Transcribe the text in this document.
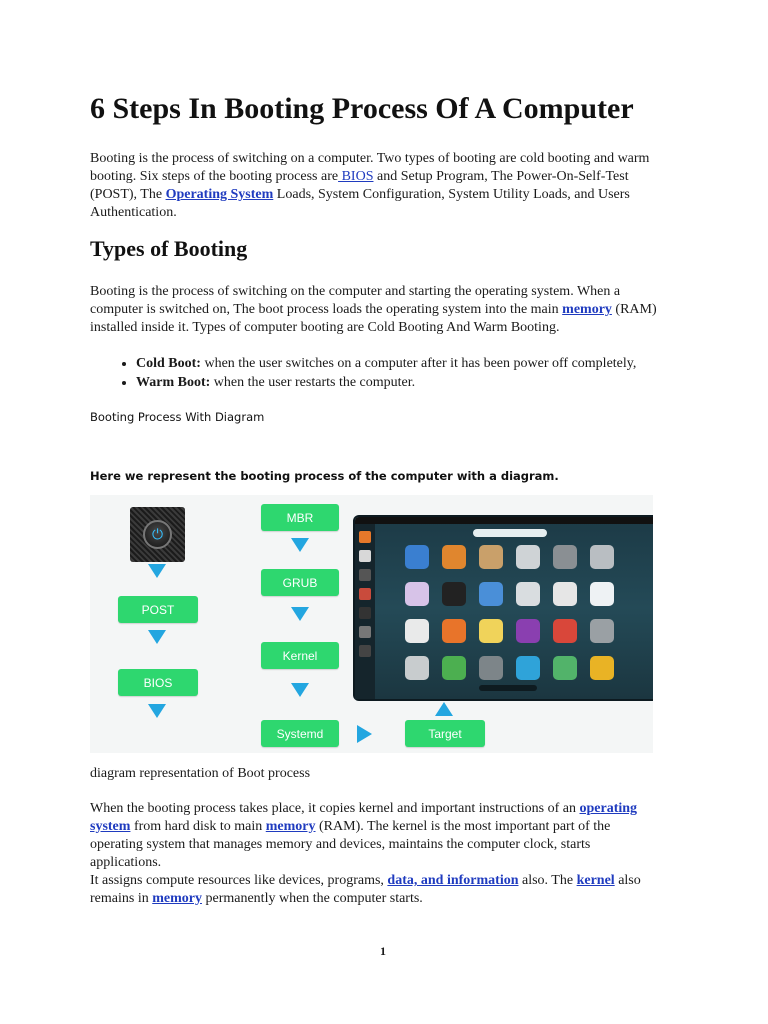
6 Steps In Booting Process Of A Computer

Booting is the process of switching on a computer. Two types of booting are cold booting and warm booting. Six steps of the booting process are BIOS and Setup Program, The Power-On-Self-Test (POST), The Operating System Loads, System Configuration, System Utility Loads, and Users Authentication.

Types of Booting

Booting is the process of switching on the computer and starting the operating system. When a computer is switched on, The boot process loads the operating system into the main memory (RAM) installed inside it. Types of computer booting are Cold Booting And Warm Booting.

• Cold Boot: when the user switches on a computer after it has been power off completely,
• Warm Boot: when the user restarts the computer.
Booting Process With Diagram
Here we represent the booting process of the computer with a diagram.
⏻
POST
BIOS
MBR
GRUB
Kernel
Systemd	Target

diagram representation of Boot process

When the booting process takes place, it copies kernel and important instructions of an operating system from hard disk to main memory (RAM). The kernel is the most important part of the operating system that manages memory and devices, maintains the computer clock, starts applications.
It assigns compute resources like devices, programs, data, and information also. The kernel also remains in memory permanently when the computer starts.

1
